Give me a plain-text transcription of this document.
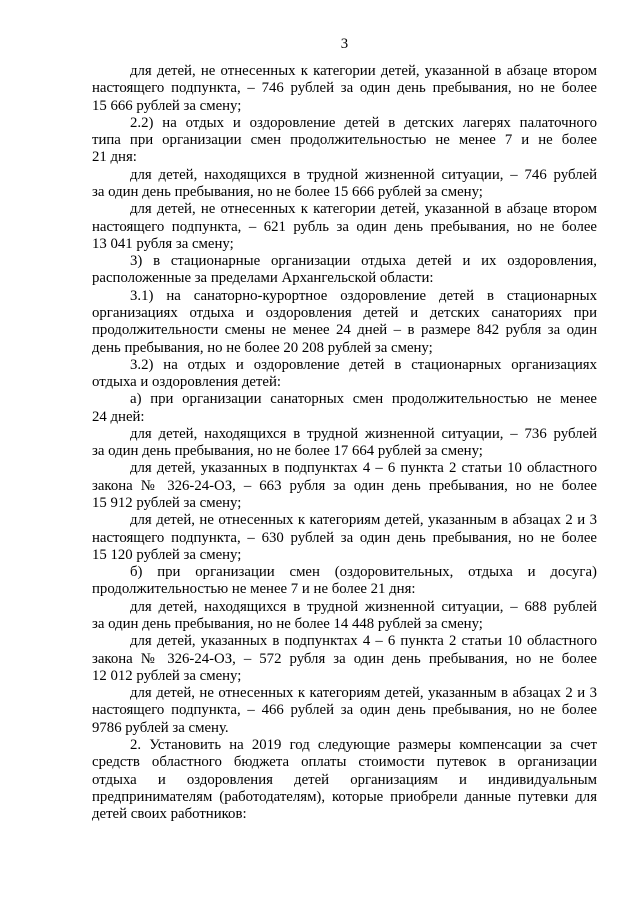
3

для детей, не отнесенных к категории детей, указанной в абзаце втором
настоящего подпункта, – 746 рублей за один день пребывания, но не более
15 666 рублей за смену;

2.2) на отдых и оздоровление детей в детских лагерях палаточного
типа при организации смен продолжительностью не менее 7 и не более
21 дня:

для детей, находящихся в трудной жизненной ситуации, – 746 рублей
за один день пребывания, но не более 15 666 рублей за смену;

для детей, не отнесенных к категории детей, указанной в абзаце втором
настоящего подпункта, – 621 рубль за один день пребывания, но не более
13 041 рубля за смену;

3) в стационарные организации отдыха детей и их оздоровления,
расположенные за пределами Архангельской области:

3.1) на санаторно-курортное оздоровление детей в стационарных
организациях отдыха и оздоровления детей и детских санаториях при
продолжительности смены не менее 24 дней – в размере 842 рубля за один
день пребывания, но не более 20 208 рублей за смену;

3.2) на отдых и оздоровление детей в стационарных организациях
отдыха и оздоровления детей:

а) при организации санаторных смен продолжительностью не менее
24 дней:

для детей, находящихся в трудной жизненной ситуации, – 736 рублей
за один день пребывания, но не более 17 664 рублей за смену;

для детей, указанных в подпунктах 4 – 6 пункта 2 статьи 10 областного
закона № 326-24-ОЗ, – 663 рубля за один день пребывания, но не более
15 912 рублей за смену;

для детей, не отнесенных к категориям детей, указанным в абзацах 2 и 3
настоящего подпункта, – 630 рублей за один день пребывания, но не более
15 120 рублей за смену;

б) при организации смен (оздоровительных, отдыха и досуга)
продолжительностью не менее 7 и не более 21 дня:

для детей, находящихся в трудной жизненной ситуации, – 688 рублей
за один день пребывания, но не более 14 448 рублей за смену;

для детей, указанных в подпунктах 4 – 6 пункта 2 статьи 10 областного
закона № 326-24-ОЗ, – 572 рубля за один день пребывания, но не более
12 012 рублей за смену;

для детей, не отнесенных к категориям детей, указанным в абзацах 2 и 3
настоящего подпункта, – 466 рублей за один день пребывания, но не более
9786 рублей за смену.

2. Установить на 2019 год следующие размеры компенсации за счет
средств областного бюджета оплаты стоимости путевок в организации
отдыха и оздоровления детей организациям и индивидуальным
предпринимателям (работодателям), которые приобрели данные путевки для
детей своих работников:
